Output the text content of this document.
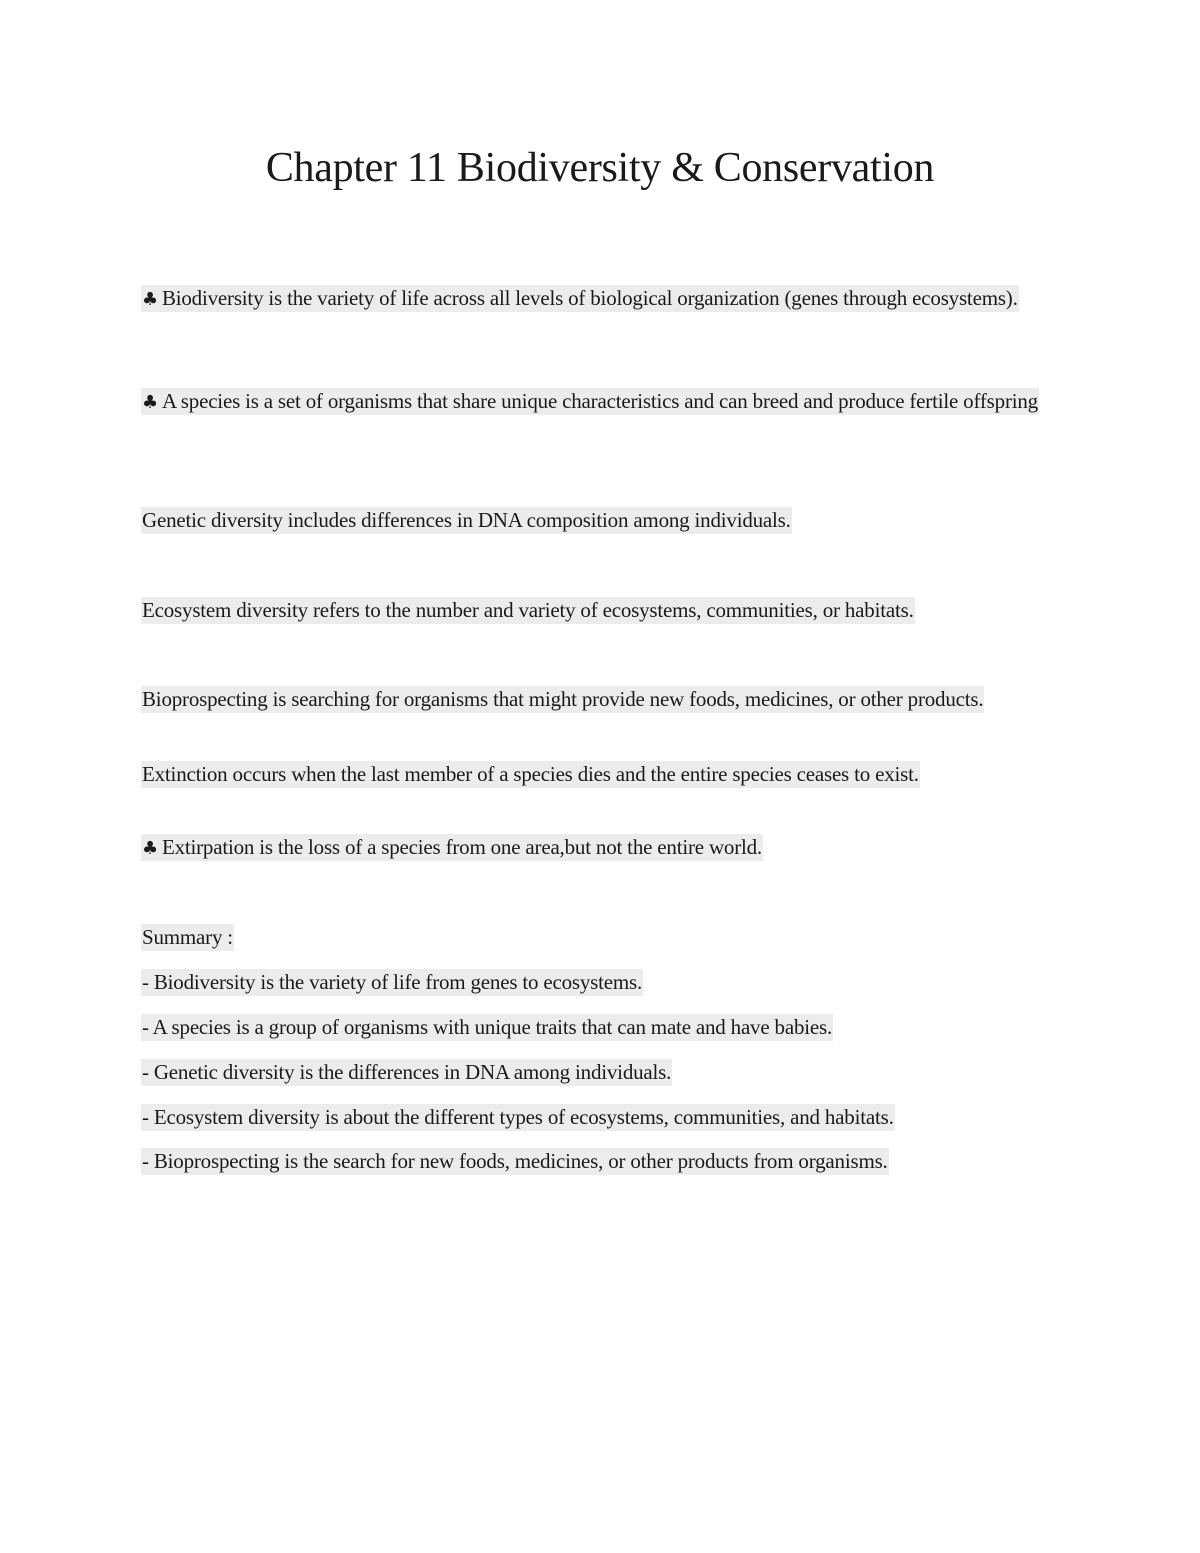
Chapter 11 Biodiversity & Conservation

♣ Biodiversity is the variety of life across all levels of biological organization (genes through ecosystems).

♣ A species is a set of organisms that share unique characteristics and can breed and produce fertile offspring

Genetic diversity includes differences in DNA composition among individuals.

Ecosystem diversity refers to the number and variety of ecosystems, communities, or habitats.

Bioprospecting is searching for organisms that might provide new foods, medicines, or other products.

Extinction occurs when the last member of a species dies and the entire species ceases to exist.

♣ Extirpation is the loss of a species from one area,but not the entire world.

Summary :

- Biodiversity is the variety of life from genes to ecosystems.

- A species is a group of organisms with unique traits that can mate and have babies.

- Genetic diversity is the differences in DNA among individuals.

- Ecosystem diversity is about the different types of ecosystems, communities, and habitats.

- Bioprospecting is the search for new foods, medicines, or other products from organisms.
